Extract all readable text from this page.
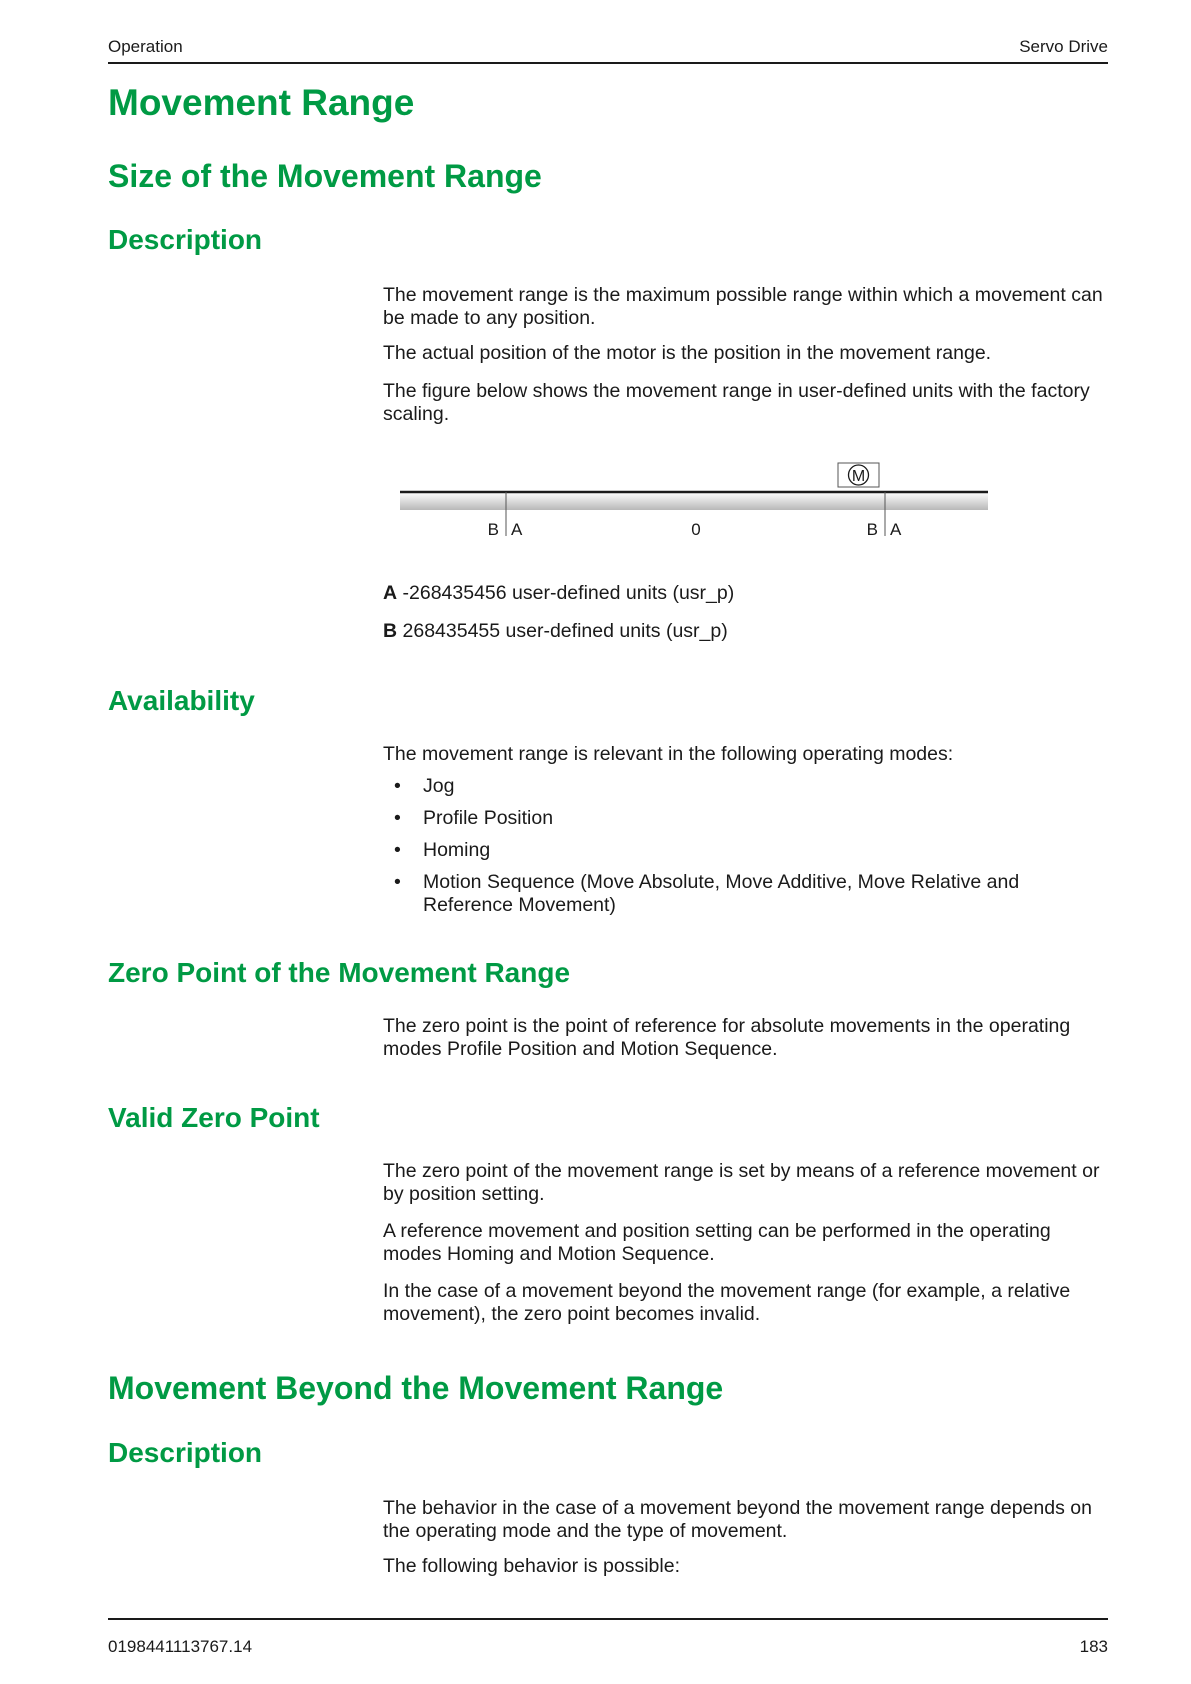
Operation	Servo Drive
Movement Range
Size of the Movement Range
Description
The movement range is the maximum possible range within which a movement can be made to any position.
The actual position of the motor is the position in the movement range.
The figure below shows the movement range in user-defined units with the factory scaling.
M
B A	0	B A
A -268435456 user-defined units (usr_p)
B 268435455 user-defined units (usr_p)
Availability
The movement range is relevant in the following operating modes:
• Jog
• Profile Position
• Homing
• Motion Sequence (Move Absolute, Move Additive, Move Relative and Reference Movement)
Zero Point of the Movement Range
The zero point is the point of reference for absolute movements in the operating modes Profile Position and Motion Sequence.
Valid Zero Point
The zero point of the movement range is set by means of a reference movement or by position setting.
A reference movement and position setting can be performed in the operating modes Homing and Motion Sequence.
In the case of a movement beyond the movement range (for example, a relative movement), the zero point becomes invalid.
Movement Beyond the Movement Range
Description
The behavior in the case of a movement beyond the movement range depends on the operating mode and the type of movement.
The following behavior is possible:
0198441113767.14	183
